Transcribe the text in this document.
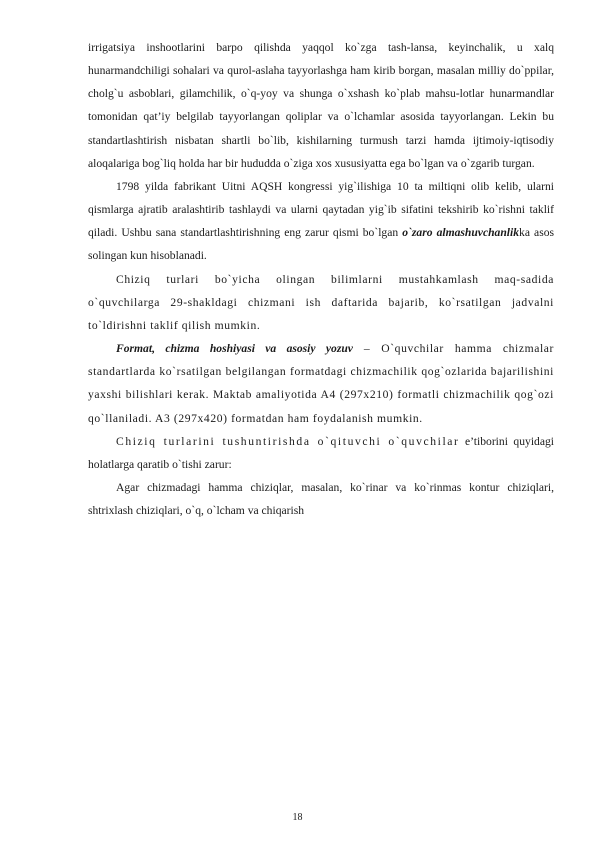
irrigatsiya inshootlarini barpo qilishda yaqqol ko`zga tash-lansa, keyinchalik, u xalq hunarmandchiligi sohalari va qurol-aslaha tayyorlashga ham kirib borgan, masalan milliy do`ppilar, cholg`u asboblari, gilamchilik, o`q-yoy va shunga o`xshash ko`plab mahsu-lotlar hunarmandlar tomonidan qat’iy belgilab tayyorlangan qoliplar va o`lchamlar asosida tayyorlangan. Lekin bu standartlashtirish nisbatan shartli bo`lib, kishilarning turmush tarzi hamda ijtimoiy-iqtisodiy aloqalariga bog`liq holda har bir hududda o`ziga xos xususiyatta ega bo`lgan va o`zgarib turgan.

1798 yilda fabrikant Uitni AQSH kongressi yig`ilishiga 10 ta miltiqni olib kelib, ularni qismlarga ajratib aralashtirib tashlaydi va ularni qaytadan yig`ib sifatini tekshirib ko`rishni taklif qiladi. Ushbu sana standartlashtirishning eng zarur qismi bo`lgan o`zaro almashuvchanlikka asos solingan kun hisoblanadi.

Chiziq turlari bo`yicha olingan bilimlarni mustahkamlash maq-sadida o`quvchilarga 29-shakldagi chizmani ish daftarida bajarib, ko`rsatilgan jadvalni to`ldirishni taklif qilish mumkin.

Format, chizma hoshiyasi va asosiy yozuv – O`quvchilar hamma chizmalar standartlarda ko`rsatilgan belgilangan formatdagi chizmachilik qog`ozlarida bajarilishini yaxshi bilishlari kerak. Maktab amaliyotida A4 (297x210) formatli chizmachilik qog`ozi qo`llaniladi. A3 (297x420) formatdan ham foydalanish mumkin.

Chiziq turlarini tushuntirishda o`qituvchi o`quvchilar e’tiborini quyidagi holatlarga qaratib o`tishi zarur:

Agar chizmadagi hamma chiziqlar, masalan, ko`rinar va ko`rinmas kontur chiziqlari, shtrixlash chiziqlari, o`q, o`lcham va chiqarish

18
